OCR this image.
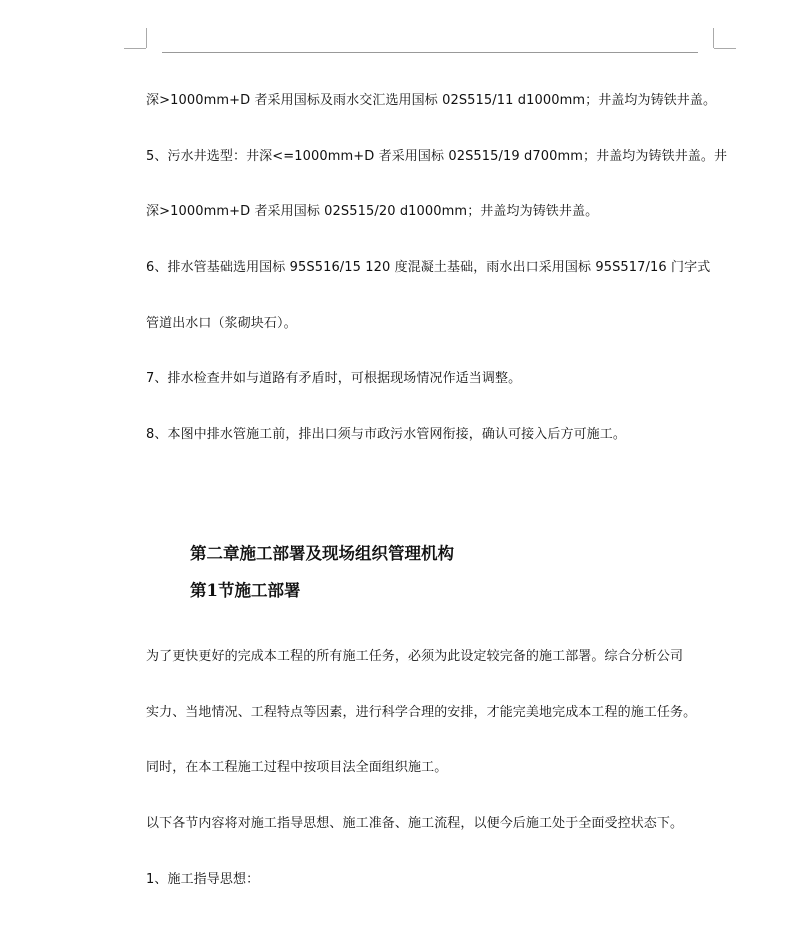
深>1000mm+D 者采用国标及雨水交汇选用国标 02S515/11 d1000mm；井盖均为铸铁井盖。
5、污水井选型：井深<=1000mm+D 者采用国标 02S515/19 d700mm；井盖均为铸铁井盖。井
深>1000mm+D 者采用国标 02S515/20 d1000mm；井盖均为铸铁井盖。
6、排水管基础选用国标 95S516/15 120 度混凝土基础，雨水出口采用国标 95S517/16 门字式
管道出水口（浆砌块石）。
7、排水检查井如与道路有矛盾时，可根据现场情况作适当调整。
8、本图中排水管施工前，排出口须与市政污水管网衔接，确认可接入后方可施工。
第二章施工部署及现场组织管理机构
第1节施工部署
为了更快更好的完成本工程的所有施工任务，必须为此设定较完备的施工部署。综合分析公司
实力、当地情况、工程特点等因素，进行科学合理的安排，才能完美地完成本工程的施工任务。
同时，在本工程施工过程中按项目法全面组织施工。
以下各节内容将对施工指导思想、施工准备、施工流程，以便今后施工处于全面受控状态下。
1、施工指导思想：
